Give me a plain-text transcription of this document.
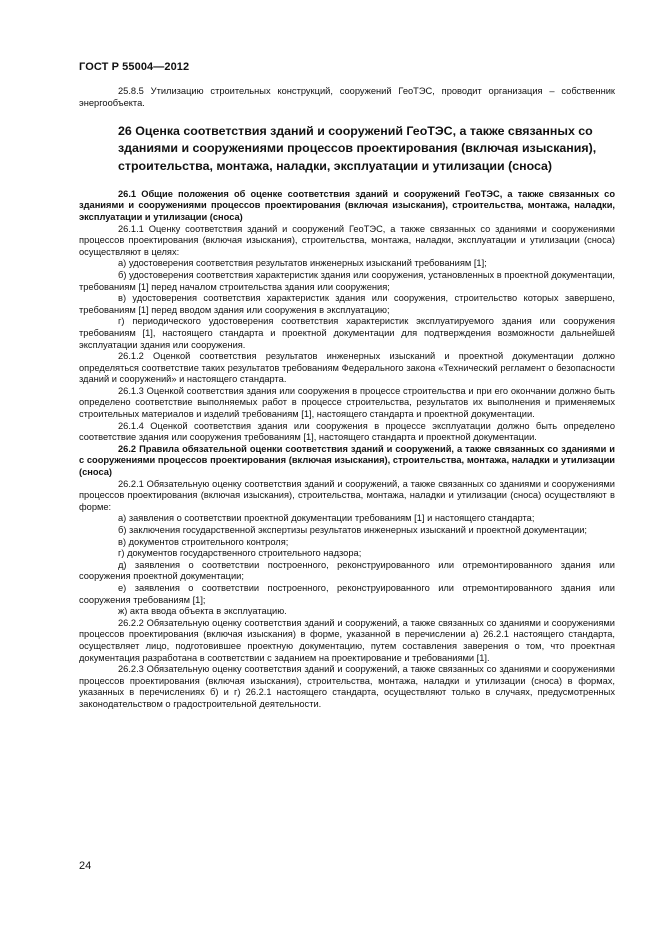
ГОСТ Р 55004—2012

25.8.5 Утилизацию строительных конструкций, сооружений ГеоТЭС, проводит организация – собственник энергообъекта.

26 Оценка соответствия зданий и сооружений ГеоТЭС, а также связанных со зданиями и сооружениями процессов проектирования (включая изыскания), строительства, монтажа, наладки, эксплуатации и утилизации (сноса)

26.1 Общие положения об оценке соответствия зданий и сооружений ГеоТЭС, а также связанных со зданиями и сооружениями процессов проектирования (включая изыскания), строительства, монтажа, наладки, эксплуатации и утилизации (сноса)

26.1.1 Оценку соответствия зданий и сооружений ГеоТЭС, а также связанных со зданиями и сооружениями процессов проектирования (включая изыскания), строительства, монтажа, наладки, эксплуатации и утилизации (сноса) осуществляют в целях:

а) удостоверения соответствия результатов инженерных изысканий требованиям [1];

б) удостоверения соответствия характеристик здания или сооружения, установленных в проектной документации, требованиям [1] перед началом строительства здания или сооружения;

в) удостоверения соответствия характеристик здания или сооружения, строительство которых завершено, требованиям [1] перед вводом здания или сооружения в эксплуатацию;

г) периодического удостоверения соответствия характеристик эксплуатируемого здания или сооружения требованиям [1], настоящего стандарта и проектной документации для подтверждения возможности дальнейшей эксплуатации здания или сооружения.

26.1.2 Оценкой соответствия результатов инженерных изысканий и проектной документации должно определяться соответствие таких результатов требованиям Федерального закона «Технический регламент о безопасности зданий и сооружений» и настоящего стандарта.

26.1.3 Оценкой соответствия здания или сооружения в процессе строительства и при его окончании должно быть определено соответствие выполняемых работ в процессе строительства, результатов их выполнения и применяемых строительных материалов и изделий требованиям [1], настоящего стандарта и проектной документации.

26.1.4 Оценкой соответствия здания или сооружения в процессе эксплуатации должно быть определено соответствие здания или сооружения требованиям [1], настоящего стандарта и проектной документации.

26.2 Правила обязательной оценки соответствия зданий и сооружений, а также связанных со зданиями и с сооружениями процессов проектирования (включая изыскания), строительства, монтажа, наладки и утилизации (сноса)

26.2.1 Обязательную оценку соответствия зданий и сооружений, а также связанных со зданиями и сооружениями процессов проектирования (включая изыскания), строительства, монтажа, наладки и утилизации (сноса) осуществляют в форме:

а) заявления о соответствии проектной документации требованиям [1] и настоящего стандарта;

б) заключения государственной экспертизы результатов инженерных изысканий и проектной документации;

в) документов строительного контроля;

г) документов государственного строительного надзора;

д) заявления о соответствии построенного, реконструированного или отремонтированного здания или сооружения проектной документации;

е) заявления о соответствии построенного, реконструированного или отремонтированного здания или сооружения требованиям [1];

ж) акта ввода объекта в эксплуатацию.

26.2.2 Обязательную оценку соответствия зданий и сооружений, а также связанных со зданиями и сооружениями процессов проектирования (включая изыскания) в форме, указанной в перечислении а) 26.2.1 настоящего стандарта, осуществляет лицо, подготовившее проектную документацию, путем составления заверения о том, что проектная документация разработана в соответствии с заданием на проектирование и требованиями [1].

26.2.3 Обязательную оценку соответствия зданий и сооружений, а также связанных со зданиями и сооружениями процессов проектирования (включая изыскания), строительства, монтажа, наладки и утилизации (сноса) в формах, указанных в перечислениях б) и г) 26.2.1 настоящего стандарта, осуществляют только в случаях, предусмотренных законодательством о градостроительной деятельности.

24
